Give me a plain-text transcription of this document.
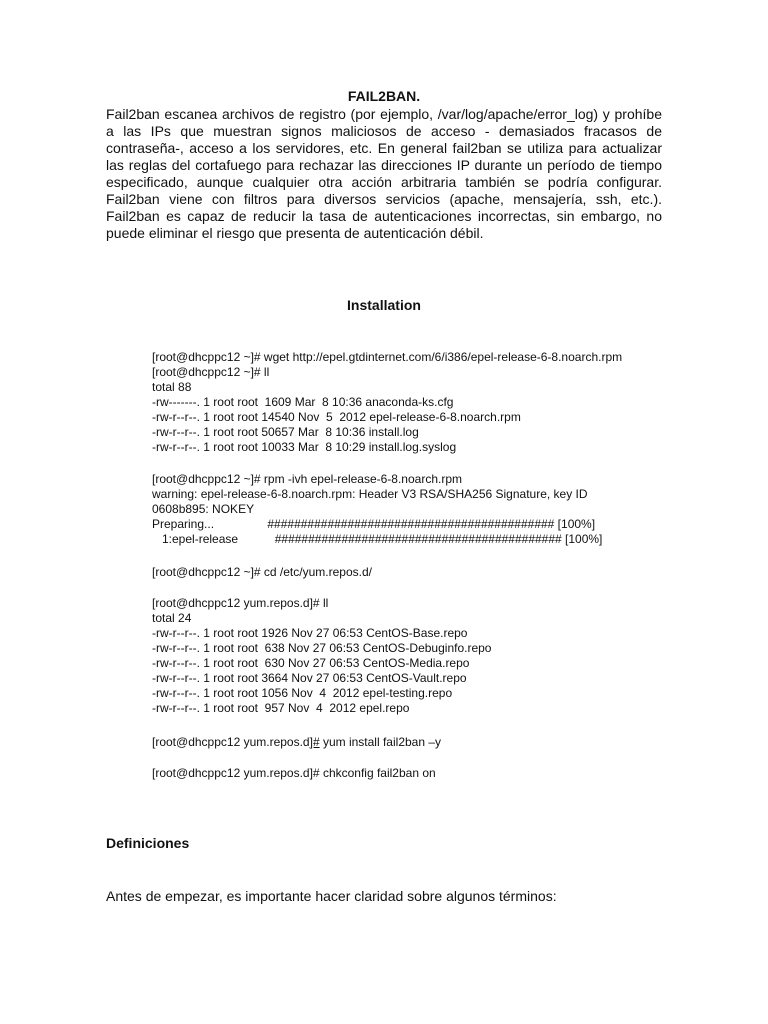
FAIL2BAN.
Fail2ban escanea archivos de registro (por ejemplo, /var/log/apache/error_log) y prohíbe a las IPs que muestran signos maliciosos de acceso - demasiados fracasos de contraseña-, acceso a los servidores, etc. En general fail2ban se utiliza para actualizar las reglas del cortafuego para rechazar las direcciones IP durante un período de tiempo especificado, aunque cualquier otra acción arbitraria también se podría configurar. Fail2ban viene con filtros para diversos servicios (apache, mensajería, ssh, etc.). Fail2ban es capaz de reducir la tasa de autenticaciones incorrectas, sin embargo, no puede eliminar el riesgo que presenta de autenticación débil.
Installation
[root@dhcppc12 ~]# wget http://epel.gtdinternet.com/6/i386/epel-release-6-8.noarch.rpm
[root@dhcppc12 ~]# ll
total 88
-rw-------. 1 root root  1609 Mar  8 10:36 anaconda-ks.cfg
-rw-r--r--. 1 root root 14540 Nov  5  2012 epel-release-6-8.noarch.rpm
-rw-r--r--. 1 root root 50657 Mar  8 10:36 install.log
-rw-r--r--. 1 root root 10033 Mar  8 10:29 install.log.syslog
[root@dhcppc12 ~]# rpm -ivh epel-release-6-8.noarch.rpm
warning: epel-release-6-8.noarch.rpm: Header V3 RSA/SHA256 Signature, key ID
0608b895: NOKEY
Preparing...                ########################################### [100%]
1:epel-release           ########################################### [100%]
[root@dhcppc12 ~]# cd /etc/yum.repos.d/
[root@dhcppc12 yum.repos.d]# ll
total 24
-rw-r--r--. 1 root root 1926 Nov 27 06:53 CentOS-Base.repo
-rw-r--r--. 1 root root  638 Nov 27 06:53 CentOS-Debuginfo.repo
-rw-r--r--. 1 root root  630 Nov 27 06:53 CentOS-Media.repo
-rw-r--r--. 1 root root 3664 Nov 27 06:53 CentOS-Vault.repo
-rw-r--r--. 1 root root 1056 Nov  4  2012 epel-testing.repo
-rw-r--r--. 1 root root  957 Nov  4  2012 epel.repo
[root@dhcppc12 yum.repos.d]# yum install fail2ban –y
[root@dhcppc12 yum.repos.d]# chkconfig fail2ban on
Definiciones
Antes de empezar, es importante hacer claridad sobre algunos términos:
